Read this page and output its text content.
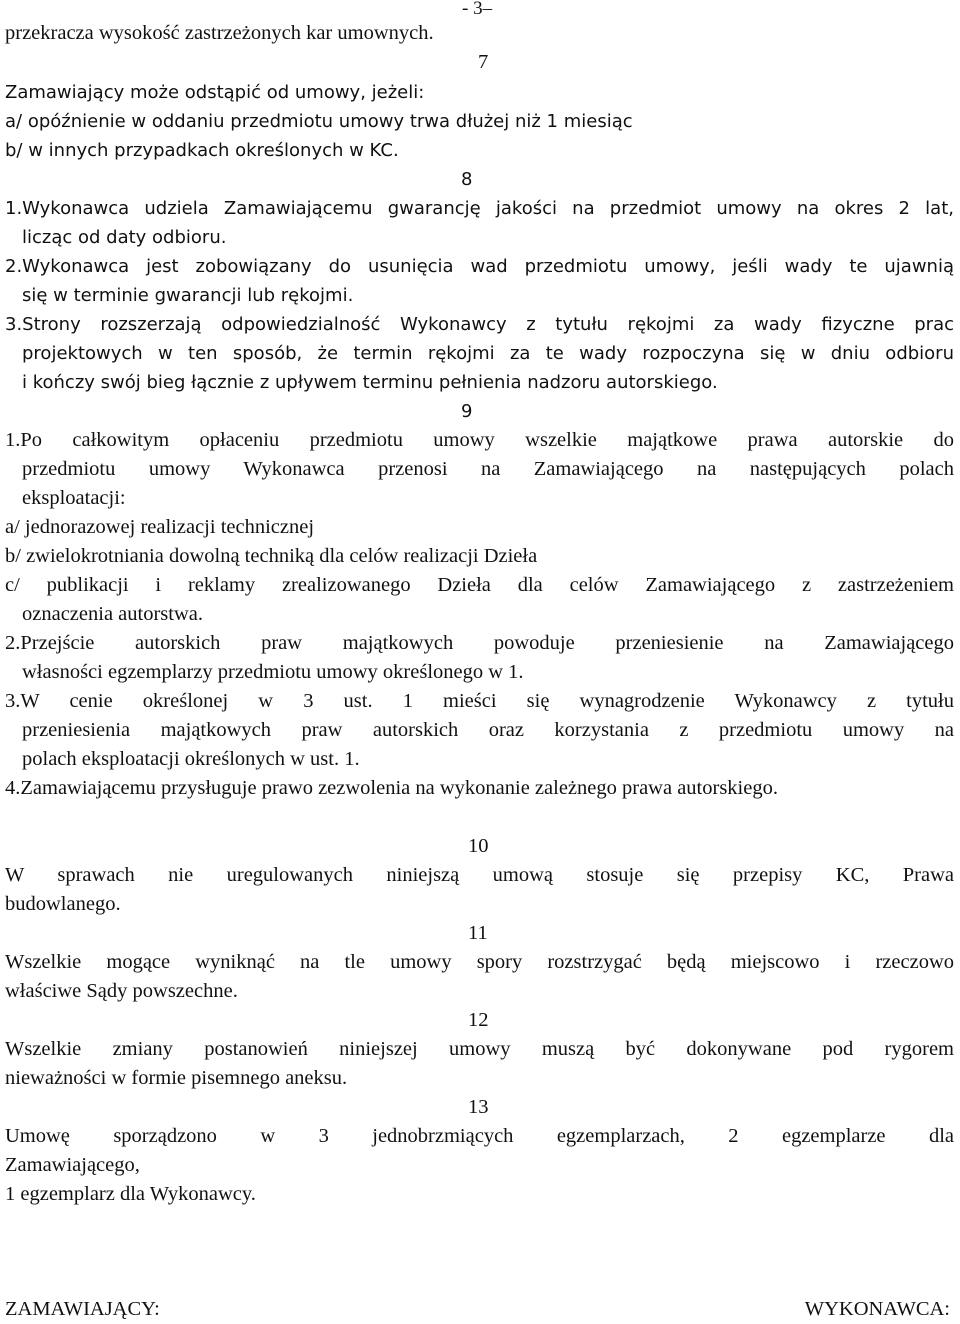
- 3–
przekracza wysokość zastrzeżonych kar umownych.
7
Zamawiający może odstąpić od umowy, jeżeli:
a/ opóźnienie w oddaniu przedmiotu umowy trwa dłużej niż 1 miesiąc
b/ w innych przypadkach określonych w KC.
8
1.Wykonawca udziela Zamawiającemu gwarancję jakości na przedmiot umowy na okres 2 lat,
licząc od daty odbioru.
2.Wykonawca jest zobowiązany do usunięcia wad przedmiotu umowy, jeśli wady te ujawnią
się w terminie gwarancji lub rękojmi.
3.Strony rozszerzają odpowiedzialność Wykonawcy z tytułu rękojmi za wady fizyczne prac
projektowych w ten sposób, że termin rękojmi za te wady rozpoczyna się w dniu odbioru
i kończy swój bieg łącznie z upływem terminu pełnienia nadzoru autorskiego.
9
1.Po całkowitym opłaceniu przedmiotu umowy wszelkie majątkowe prawa autorskie do
przedmiotu umowy Wykonawca przenosi na Zamawiającego na następujących polach
eksploatacji:
a/ jednorazowej realizacji technicznej
b/ zwielokrotniania dowolną techniką dla celów realizacji Dzieła
c/ publikacji i reklamy zrealizowanego Dzieła dla celów Zamawiającego z zastrzeżeniem
oznaczenia autorstwa.
2.Przejście autorskich praw majątkowych powoduje przeniesienie na Zamawiającego
własności egzemplarzy przedmiotu umowy określonego w 1.
3.W cenie określonej w 3 ust. 1 mieści się wynagrodzenie Wykonawcy z tytułu
przeniesienia majątkowych praw autorskich oraz korzystania z przedmiotu umowy na
polach eksploatacji określonych w ust. 1.
4.Zamawiającemu przysługuje prawo zezwolenia na wykonanie zależnego prawa autorskiego.
10
W sprawach nie uregulowanych niniejszą umową stosuje się przepisy KC, Prawa
budowlanego.
11
Wszelkie mogące wyniknąć na tle umowy spory rozstrzygać będą miejscowo i rzeczowo
właściwe Sądy powszechne.
12
Wszelkie zmiany postanowień niniejszej umowy muszą być dokonywane pod rygorem
nieważności w formie pisemnego aneksu.
13
Umowę sporządzono w 3 jednobrzmiących egzemplarzach, 2 egzemplarze dla
Zamawiającego,
1 egzemplarz dla Wykonawcy.
ZAMAWIAJĄCY:	WYKONAWCA:
